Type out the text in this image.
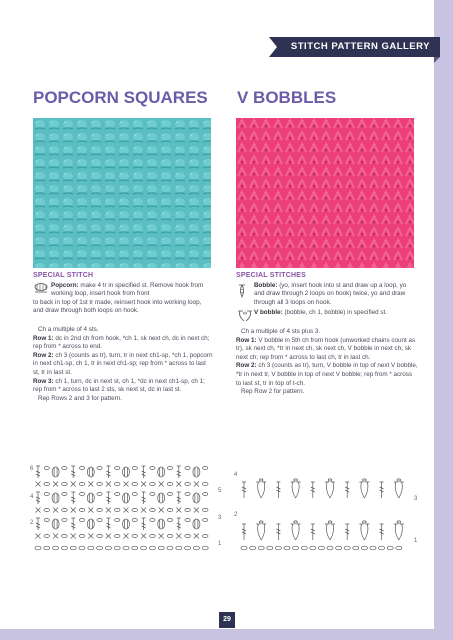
STITCH PATTERN GALLERY
POPCORN SQUARES
SPECIAL STITCH
Popcorn: make 4 tr in specified st. Remove hook from working loop, insert hook from front
to back in top of 1st tr made, reinsert hook into working loop, and draw through both loops on hook.

Ch a multiple of 4 sts.

Row 1: dc in 2nd ch from hook, *ch 1, sk next ch, dc in next ch; rep from * across to end.

Row 2: ch 3 (counts as tr), turn, tr in next ch1-sp, *ch 1, popcorn in next ch1-sp, ch 1, tr in next ch1-sp; rep from * across to last st, tr in last st.

Row 3: ch 1, turn, dc in next st, ch 1, *dc in next ch1-sp, ch 1; rep from * across to last 2 sts, sk next st, dc in last st.

Rep Rows 2 and 3 for pattern.

6
4
2
5
3
1
V BOBBLES
SPECIAL STITCHES
Bobble: (yo, insert hook into st and draw up a loop, yo and draw through 2 loops on hook) twice, yo and draw through all 3 loops on hook.
V bobble: (bobble, ch 1, bobble) in specified st.

Ch a multiple of 4 sts plus 3.

Row 1: V bobble in 5th ch from hook (unworked chains count as tr), sk next ch, *tr in next ch, sk next ch, V bobble in next ch, sk next ch; rep from * across to last ch, tr in last ch.

Row 2: ch 3 (counts as tr), turn, V bobble in top of next V bobble, *tr in next tr, V bobble in top of next V bobble; rep from * across to last st, tr in top of t-ch.

Rep Row 2 for pattern.

4
2
3
1
29
